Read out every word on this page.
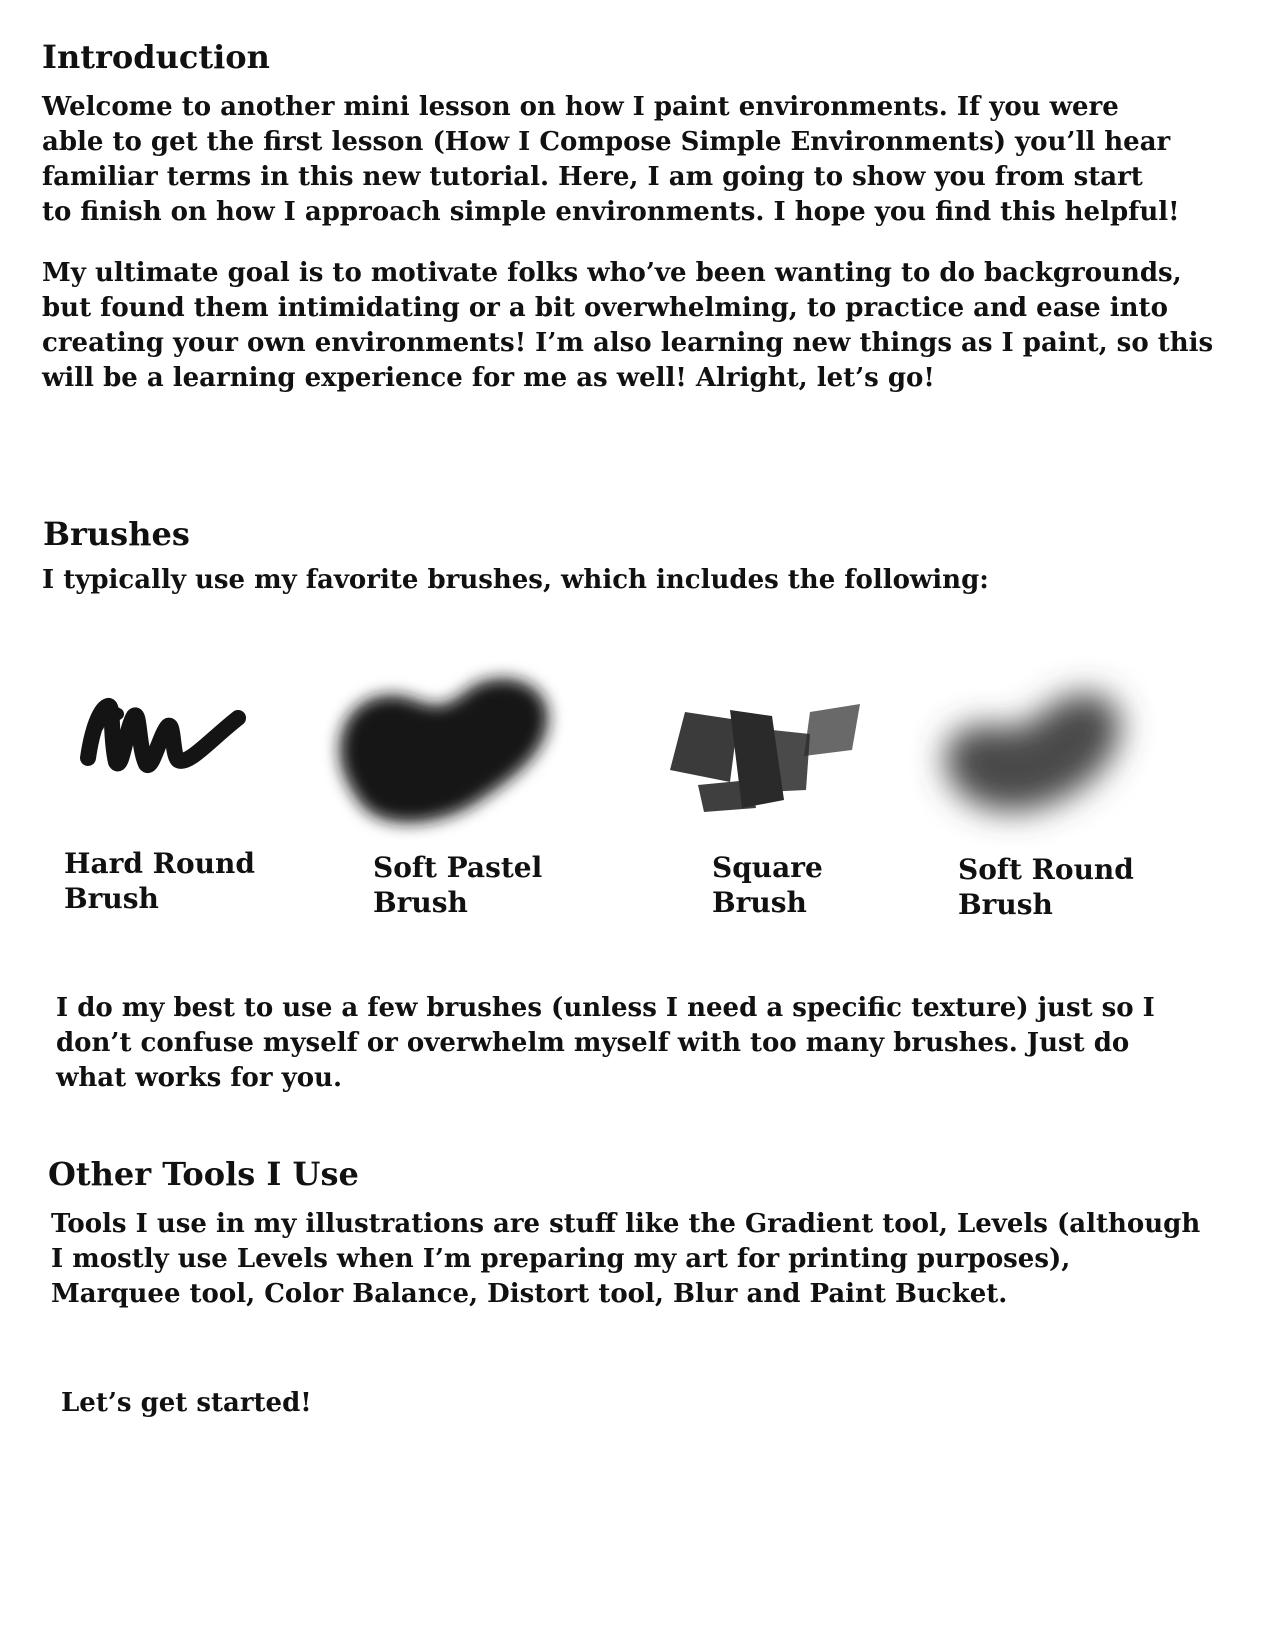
Introduction

Welcome to another mini lesson on how I paint environments. If you were
able to get the first lesson (How I Compose Simple Environments) you’ll hear
familiar terms in this new tutorial. Here, I am going to show you from start
to finish on how I approach simple environments. I hope you find this helpful!

My ultimate goal is to motivate folks who’ve been wanting to do backgrounds,
but found them intimidating or a bit overwhelming, to practice and ease into
creating your own environments! I’m also learning new things as I paint, so this
will be a learning experience for me as well! Alright, let’s go!

Brushes

I typically use my favorite brushes, which includes the following:

Hard Round
Brush
Soft Pastel
Brush
Square
Brush
Soft Round
Brush

I do my best to use a few brushes (unless I need a specific texture) just so I
don’t confuse myself or overwhelm myself with too many brushes. Just do
what works for you.

Other Tools I Use

Tools I use in my illustrations are stuff like the Gradient tool, Levels (although
I mostly use Levels when I’m preparing my art for printing purposes),
Marquee tool, Color Balance, Distort tool, Blur and Paint Bucket.

Let’s get started!
